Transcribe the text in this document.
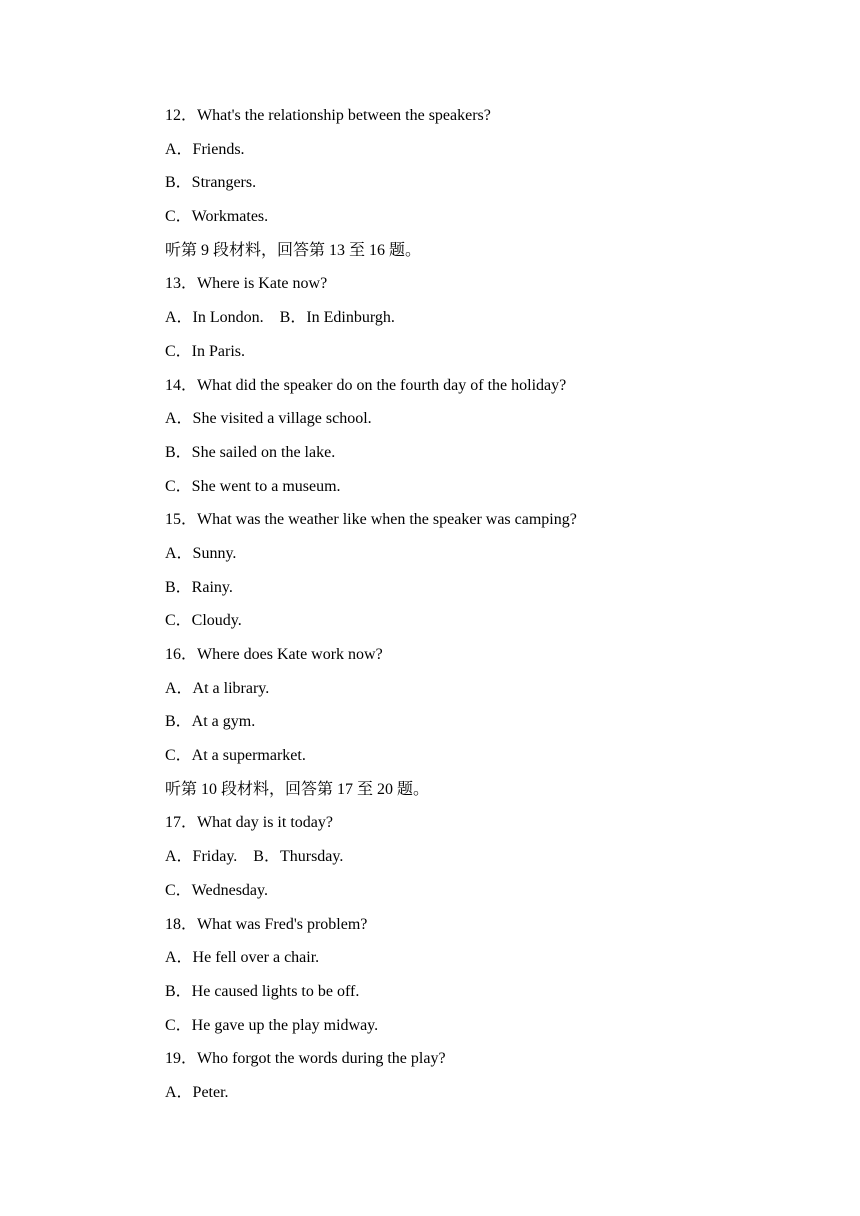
12．What's the relationship between the speakers?
A．Friends.
B．Strangers.
C．Workmates.
听第 9 段材料，回答第 13 至 16 题。
13．Where is Kate now?
A．In London.　B．In Edinburgh.
C．In Paris.
14．What did the speaker do on the fourth day of the holiday?
A．She visited a village school.
B．She sailed on the lake.
C．She went to a museum.
15．What was the weather like when the speaker was camping?
A．Sunny.
B．Rainy.
C．Cloudy.
16．Where does Kate work now?
A．At a library.
B．At a gym.
C．At a supermarket.
听第 10 段材料，回答第 17 至 20 题。
17．What day is it today?
A．Friday.　B．Thursday.
C．Wednesday.
18．What was Fred's problem?
A．He fell over a chair.
B．He caused lights to be off.
C．He gave up the play midway.
19．Who forgot the words during the play?
A．Peter.
